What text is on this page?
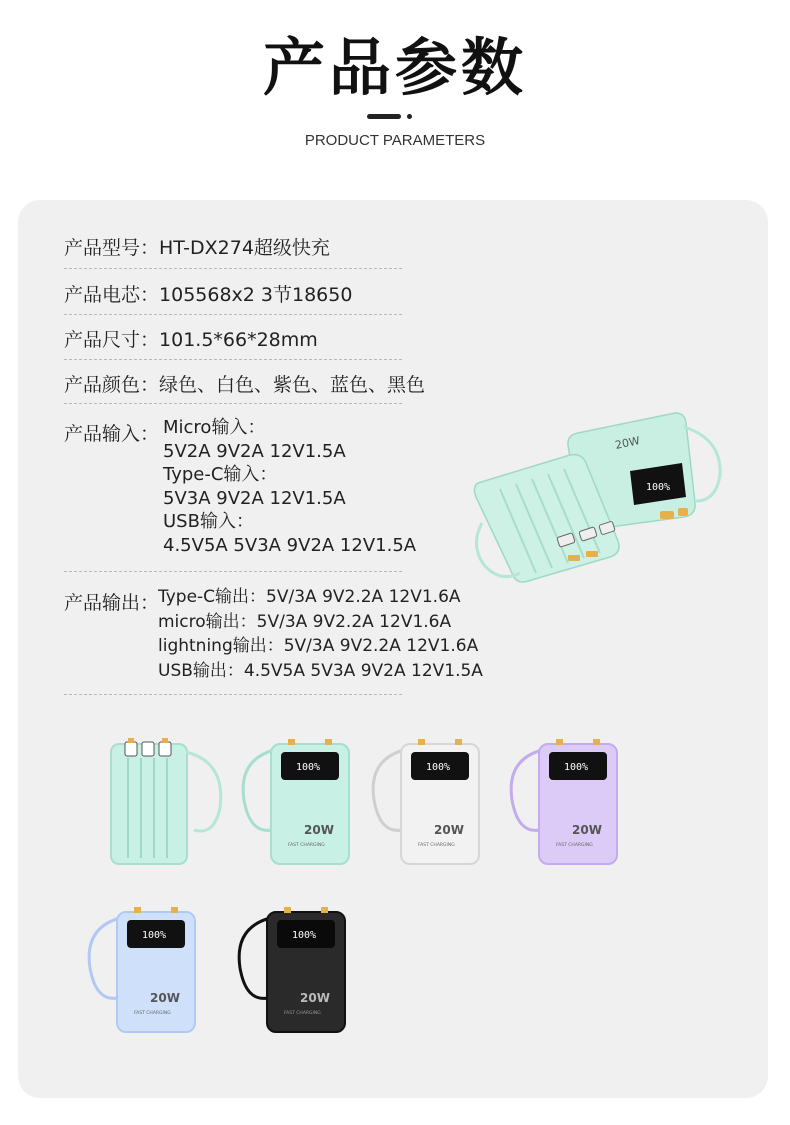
产品参数
PRODUCT PARAMETERS
产品型号：HT-DX274超级快充
产品电芯：105568x2 3节18650
产品尺寸：101.5*66*28mm
产品颜色：绿色、白色、紫色、蓝色、黑色
产品输入： Micro输入：
5V2A 9V2A 12V1.5A
Type-C输入：
5V3A 9V2A 12V1.5A
USB输入：
4.5V5A 5V3A 9V2A 12V1.5A
产品输出：
Type-C输出：5V/3A 9V2.2A 12V1.6A
micro输出：5V/3A 9V2.2A 12V1.6A
lightning输出：5V/3A 9V2.2A 12V1.6A
USB输出：4.5V5A 5V3A 9V2A 12V1.5A
100%
20W
100%
20W
FAST CHARGING
100%
20W
FAST CHARGING
100%
20W
FAST CHARGING
100%
20W
FAST CHARGING
100%
20W
FAST CHARGING
